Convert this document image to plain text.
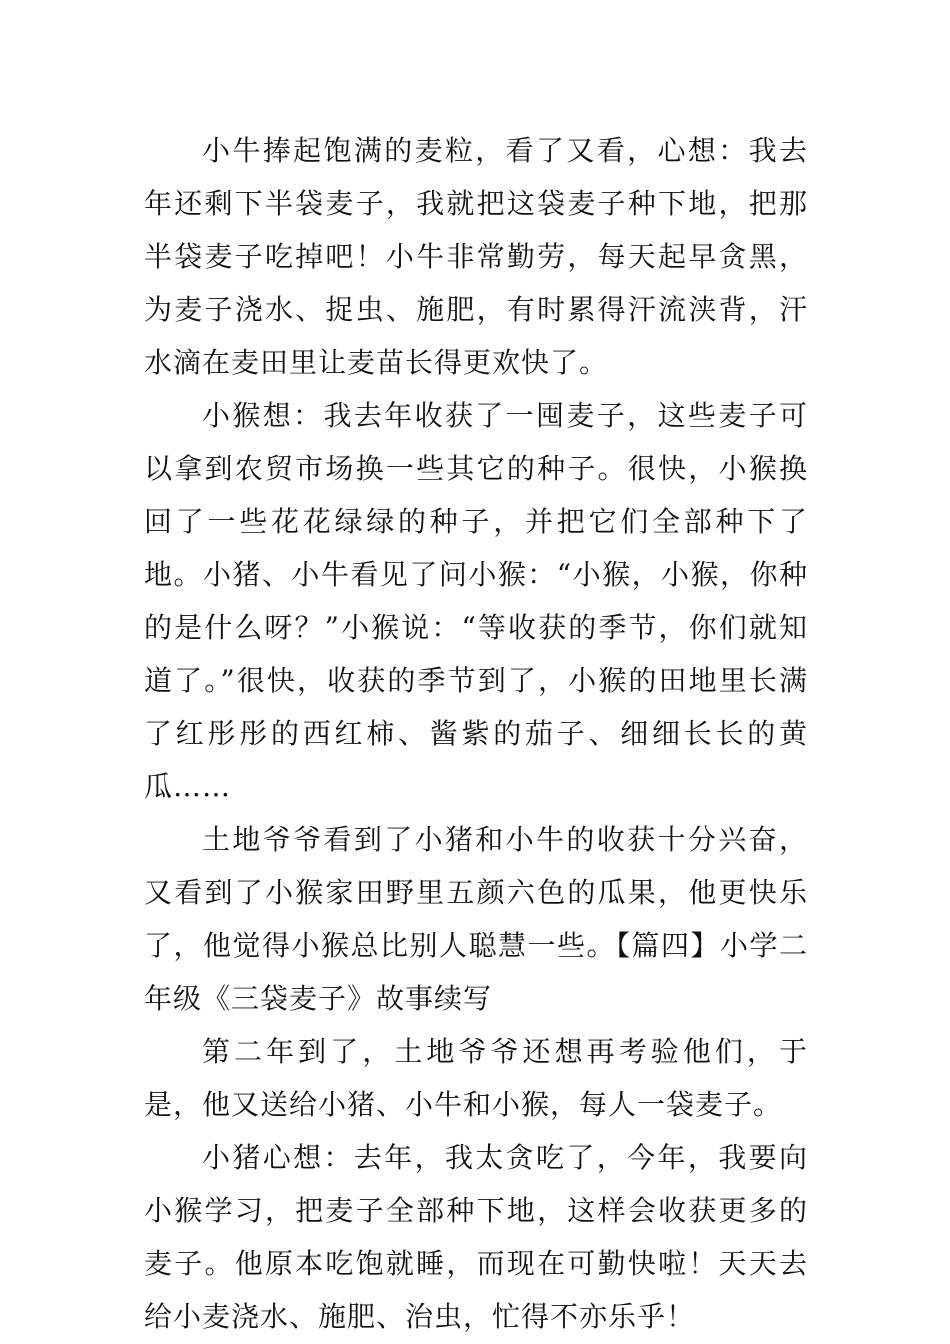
小牛捧起饱满的麦粒，看了又看，心想：我去年还剩下半袋麦子，我就把这袋麦子种下地，把那半袋麦子吃掉吧！小牛非常勤劳，每天起早贪黑，为麦子浇水、捉虫、施肥，有时累得汗流浃背，汗水滴在麦田里让麦苗长得更欢快了。

小猴想：我去年收获了一囤麦子，这些麦子可以拿到农贸市场换一些其它的种子。很快，小猴换回了一些花花绿绿的种子，并把它们全部种下了地。小猪、小牛看见了问小猴：“小猴，小猴，你种的是什么呀？”小猴说：“等收获的季节，你们就知道了。”很快，收获的季节到了，小猴的田地里长满了红彤彤的西红柿、酱紫的茄子、细细长长的黄瓜……

土地爷爷看到了小猪和小牛的收获十分兴奋，又看到了小猴家田野里五颜六色的瓜果，他更快乐了，他觉得小猴总比别人聪慧一些。【篇四】小学二年级《三袋麦子》故事续写

第二年到了，土地爷爷还想再考验他们，于是，他又送给小猪、小牛和小猴，每人一袋麦子。

小猪心想：去年，我太贪吃了，今年，我要向小猴学习，把麦子全部种下地，这样会收获更多的麦子。他原本吃饱就睡，而现在可勤快啦！天天去给小麦浇水、施肥、治虫，忙得不亦乐乎！
